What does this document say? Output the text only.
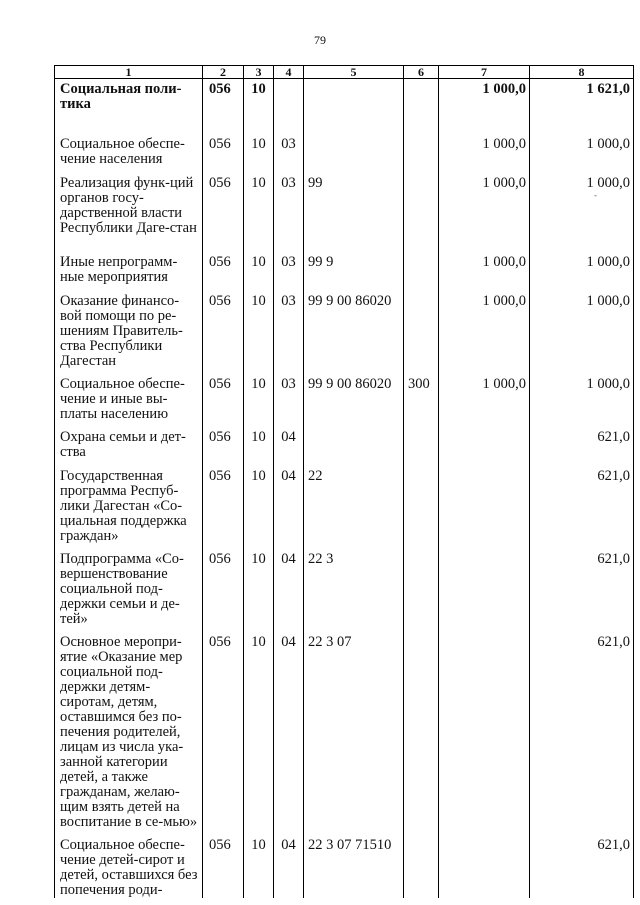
79
1	2	3	4	5	6	7	8
Социальная поли-тика	056	10				1 000,0	1 621,0
Социальное обеспе-чение населения	056	10	03			1 000,0	1 000,0
Реализация функ-ций органов госу-дарственной власти Республики Даге-стан	056	10	03	99		1 000,0	1 000,0
Иные непрограмм-ные мероприятия	056	10	03	99 9		1 000,0	1 000,0
Оказание финансо-вой помощи по ре-шениям Правитель-ства Республики Дагестан	056	10	03	99 9 00 86020		1 000,0	1 000,0
Социальное обеспе-чение и иные вы-платы населению	056	10	03	99 9 00 86020	300	1 000,0	1 000,0
Охрана семьи и дет-ства	056	10	04				621,0
Государственная программа Респуб-лики Дагестан «Со-циальная поддержка граждан»	056	10	04	22			621,0
Подпрограмма «Со-вершенствование социальной под-держки семьи и де-тей»	056	10	04	22 3			621,0
Основное меропри-ятие «Оказание мер социальной под-держки детям-сиротам, детям, оставшимся без по-печения родителей, лицам из числа ука-занной категории детей, а также гражданам, желаю-щим взять детей на воспитание в се-мью»	056	10	04	22 3 07			621,0
Социальное обеспе-чение детей-сирот и детей, оставшихся без попечения роди-	056	10	04	22 3 07 71510			621,0
-
